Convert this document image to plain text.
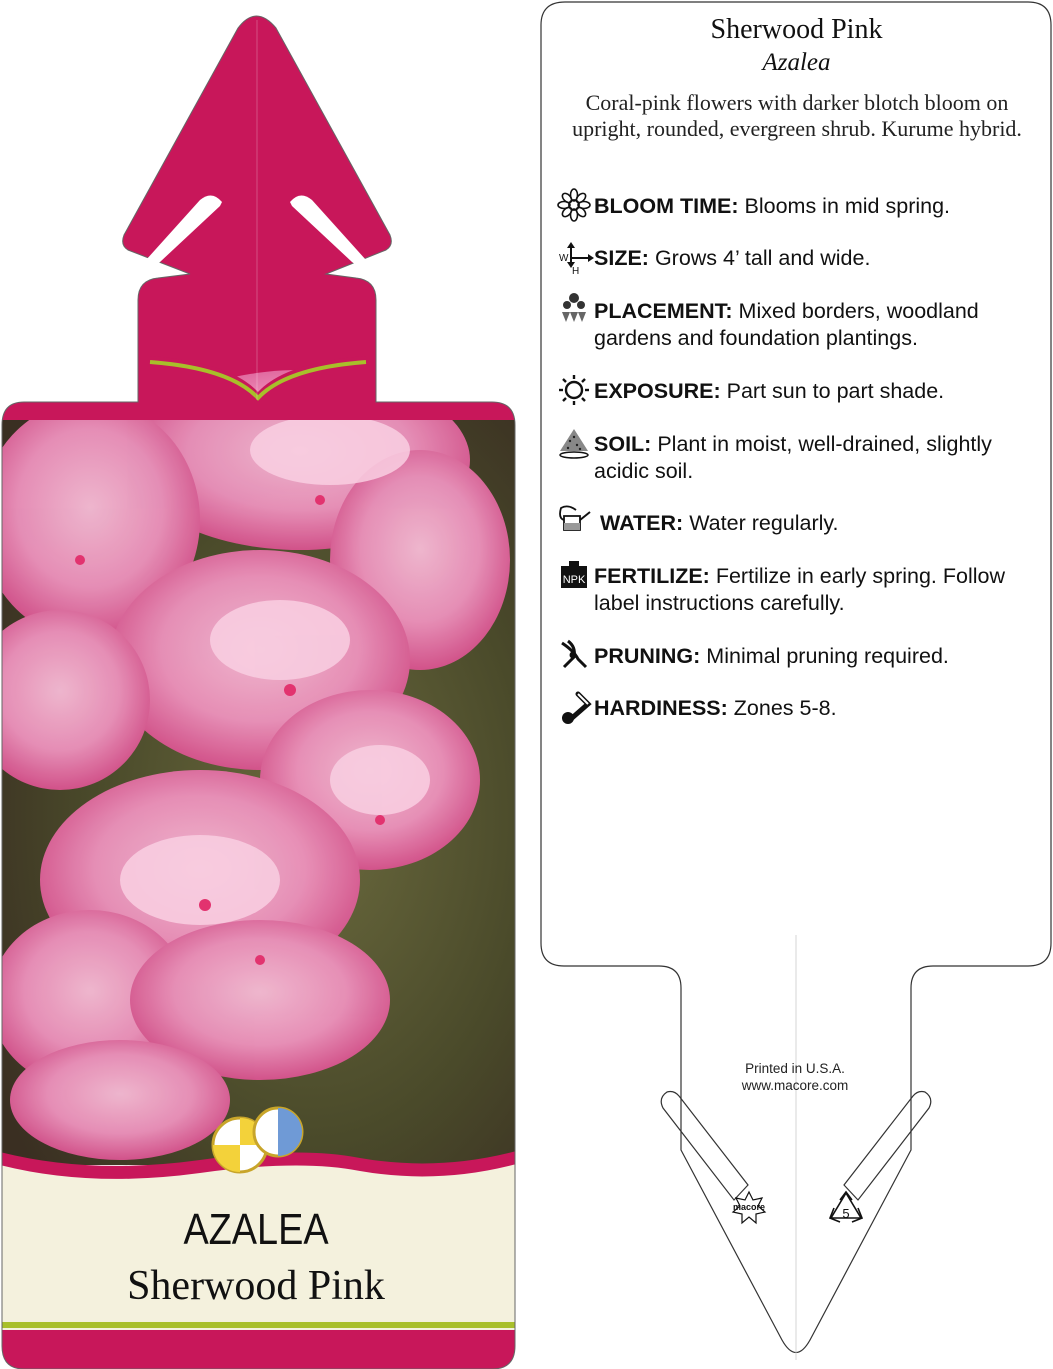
W
H
NPK
macore	5
AZALEA
Sherwood Pink
Sherwood Pink
Azalea
Coral-pink flowers with darker blotch bloom on upright, rounded, evergreen shrub. Kurume hybrid.
BLOOM TIME: Blooms in mid spring.
SIZE: Grows 4’ tall and wide.
PLACEMENT: Mixed borders, woodland gardens and foundation plantings.
EXPOSURE: Part sun to part shade.
SOIL: Plant in moist, well-drained, slightly acidic soil.
WATER: Water regularly.
FERTILIZE: Fertilize in early spring. Follow label instructions carefully.
PRUNING: Minimal pruning required.
HARDINESS: Zones 5-8.
Printed in U.S.A.
www.macore.com
